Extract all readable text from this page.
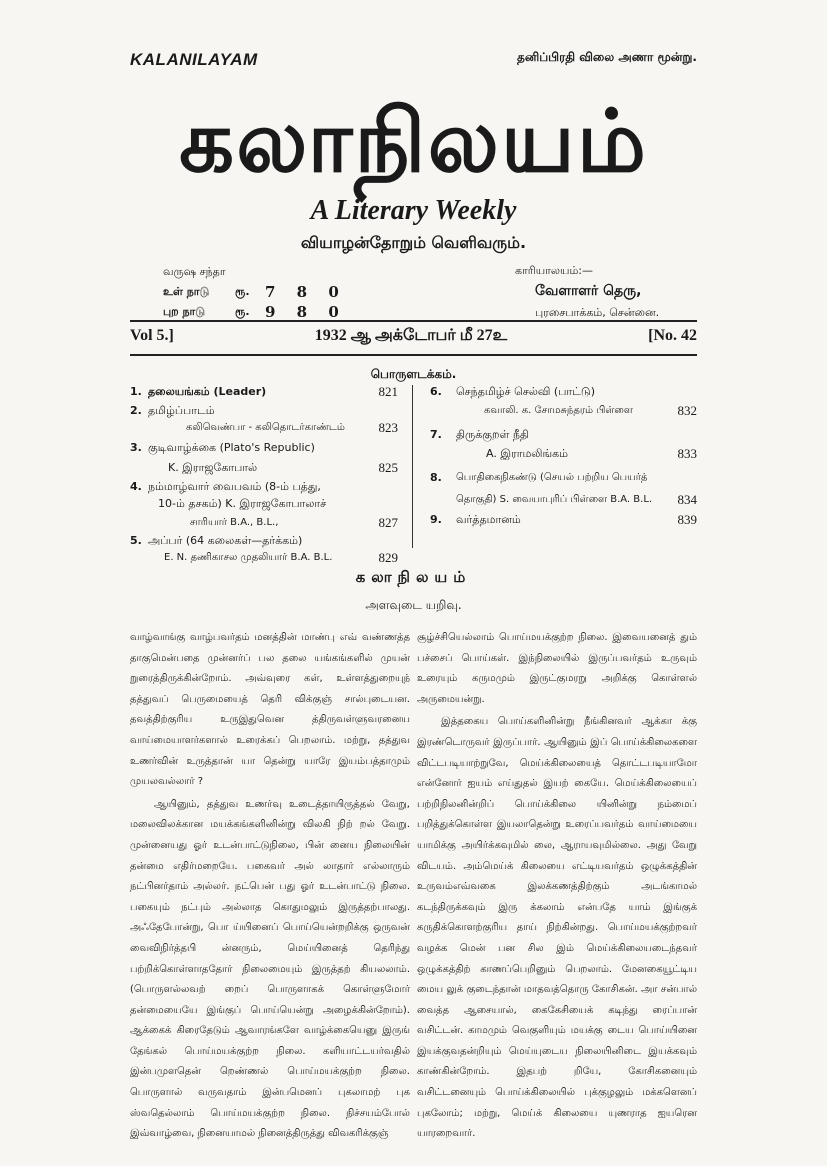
KALANILAYAM	தனிப்பிரதி விலை அணா மூன்று.
கலாநிலயம்
A Literary Weekly
வியாழன்தோறும் வெளிவரும்.
வருஷ சந்தா
உள் நாடு	ரூ.	7 8 0
புற நாடு	ரூ.	9 8 0
காரியாலயம்:—
வேளாளர் தெரு,
புரசைபாக்கம், சென்னை.
Vol 5.]	1932 ஆ அக்டோபர் மீ 27உ	[No. 42
பொருளடக்கம்.
1. தலையங்கம் (Leader)	821
2. தமிழ்ப்பாடம்
கலிவெண்பா - கலிதொடர்காண்டம்	823
3. குடிவாழ்க்கை (Plato's Republic)
K. இராஜகோபால்	825
4. நம்மாழ்வார் வைபவம் (8-ம் பத்து,
10-ம் தசகம்) K. இராஜகோபாலாச்
சாரியார் B.A., B.L.,	827
5. அப்பர் (64 கலைகள்—தர்க்கம்)
E. N. தணிகாசல முதலியார் B.A. B.L.	829
6.	செந்தமிழ்ச் செல்வி (பாட்டு)
கவாலி. க. சோமசுந்தரம் பிள்ளை	832
7.	திருக்குறள் நீதி
A. இராமலிங்கம்	833
8.	பொதிகைநிகண்டு (செயல் பற்றிய பெயர்த்
தொகுதி) S. வையாபுரிப் பிள்ளை B.A. B.L.	834
9.	வர்த்தமானம்	839
கலாநிலயம்
அளவுடை யறிவு.

வாழ்வாங்கு வாழ்பவர்தம் மனத்தின் மாண்பு எவ் வண்ணத்த தாகுமென்பதை முன்னர்ப் பல தலை யங்கங்களில் முயன் றுரைத்திருக்கின்றோம். அவ்வுரை கள், உள்ளத்துறையுந் தத்துவப் பெருமையைத் தெரி விக்குஞ் சால்புடையன. தவத்திற்குரிய உருஇதுவென த்திருவள்ளுவரனைய வாய்மையாளர்களால் உரைக்கப் பெறலாம். மற்று, தத்துவ உணர்வின் உருத்தான் யா தென்று யாரே இயம்பத்தாமும் முயலவல்லார் ?

ஆயினும், தத்துவ உணர்வு உடைத்தாயிருத்தல் வேறு, மலைவிலக்கான மயக்கங்களினின்று விலகி நிற் றல் வேறு. முன்னையது ஓர் உடன்பாட்டுநிலை, பின் னைய நிலையின் தன்மை எதிர்மறையே. பகைவர் அல் லாதார் எல்லாரும் நட்பினர்தாம் அல்லர். நட்பென் பது ஓர் உடன்பாட்டு நிலை. பகையும் நட்பும் அல்லாத கொதுமலும் இருத்தற்பாலது. அஃதேபோன்று, பொ ய்யினைப் பொய்யென்றறிக்கு ஒருவன் வைவிநிர்த்தபி ன்னரும், மெய்யினைத் தெரிந்து பற்றிக்கொள்ளாததோர் நிலைமையும் இருத்தற் கியலலாம். (பொருளல்லவற் றைப் பொருளாகக் கொள்ளுமோர் தன்மையையே இங்குப் பொய்யென்று அழைக்கின்றோம்). ஆக்கைக் கிரைதேடும் ஆவாரங்களே வாழ்க்கையெனு இருங் தேங்கல் பொய்மயக்குற்ற நிலை. களியாட்டயர்வதில் இன்பமுளதென் றெண்ணல் பொய்மயக்குற்ற நிலை. பொருளால் வருவதாம் இன்பமெனப் புகலாமற் புக ஸ்வதெல்லாம் பொய்மயக்குற்ற நிலை. நிச்சயம்போல் இவ்வாழ்வை, நினையாமல் நினைத்திருத்து விவகரிக்குஞ்

சூழ்ச்சியெல்லாம் பொய்மயக்குற்ற நிலை. இவையனைத் தும் பச்சைப் பொய்கள். இந்நிலையில் இருப்பவர்தம் உருவும் உரையும் கருமமும் இருட்குமரறு அறிக்கு கொள்ளல் அருமையன்று.

இத்தகைய பொய்களினின்று நீங்கினவர் ஆக்கா க்கு இரண்டொருவர் இருப்பார். ஆயினும் இப் பொய்க்கிலைகளை விட்டபடியாற்றுவே, மெய்க்கிலையைத் தொட்டபடியாமோ என்னோர் ஐயம் எய்துதல் இயற் கையே. மெய்க்கிலையைப் பற்றிநிலனின்றிப் பொய்க்கிலை யினின்று நம்மைப் பறித்துக்கொள்ள இயலாதென்று உரைப்பவர்தம் வாய்மையை யாமிக்கு அயிர்க்கவுமில் லை, ஆராயவுமில்லை. அது வேறு விடயம். அம்மெய்க் கிலையை எட்டியவர்தம் ஒழுக்கத்தின் உருவம்எவ்வகை இலக்கணத்திற்கும் அடங்காமல் கடந்திருக்கவும் இரு க்கலாம் என்பதே யாம் இங்குக் கருதிக்கொளற்குரிய தாய் நிற்கின்றது. பொய்மயக்குற்றவர் வழக்க மென் பன சில இம் மெய்க்கிலையடைந்தவர் ஒழுக்கத்திற் காணப்பெறினும் பெறலாம். மேனகையூட்டிய மைய லுக் குடைந்தான் மாதவத்தொரு கோசிகன். அா சன்பால் வைத்த ஆசையால், கைகேசியைக் கடிந்து ரைப்பான் வசிட்டன். காமமும் வெகுளியும் மயக்கு டைய பொய்யினை இயக்குவதன்றியும் மெய்யுடைய நிலையினிடை இயக்கவும் காண்கின்றோம். இதபற் றியே, கோசிகனையும் வசிட்டனையும் பொய்க்கிலையில் புக்குழலும் மக்களெனப் புகலோம்; மற்று, மெய்க் கிலையை யுணராத ஐயரென யாரறைவார்.
